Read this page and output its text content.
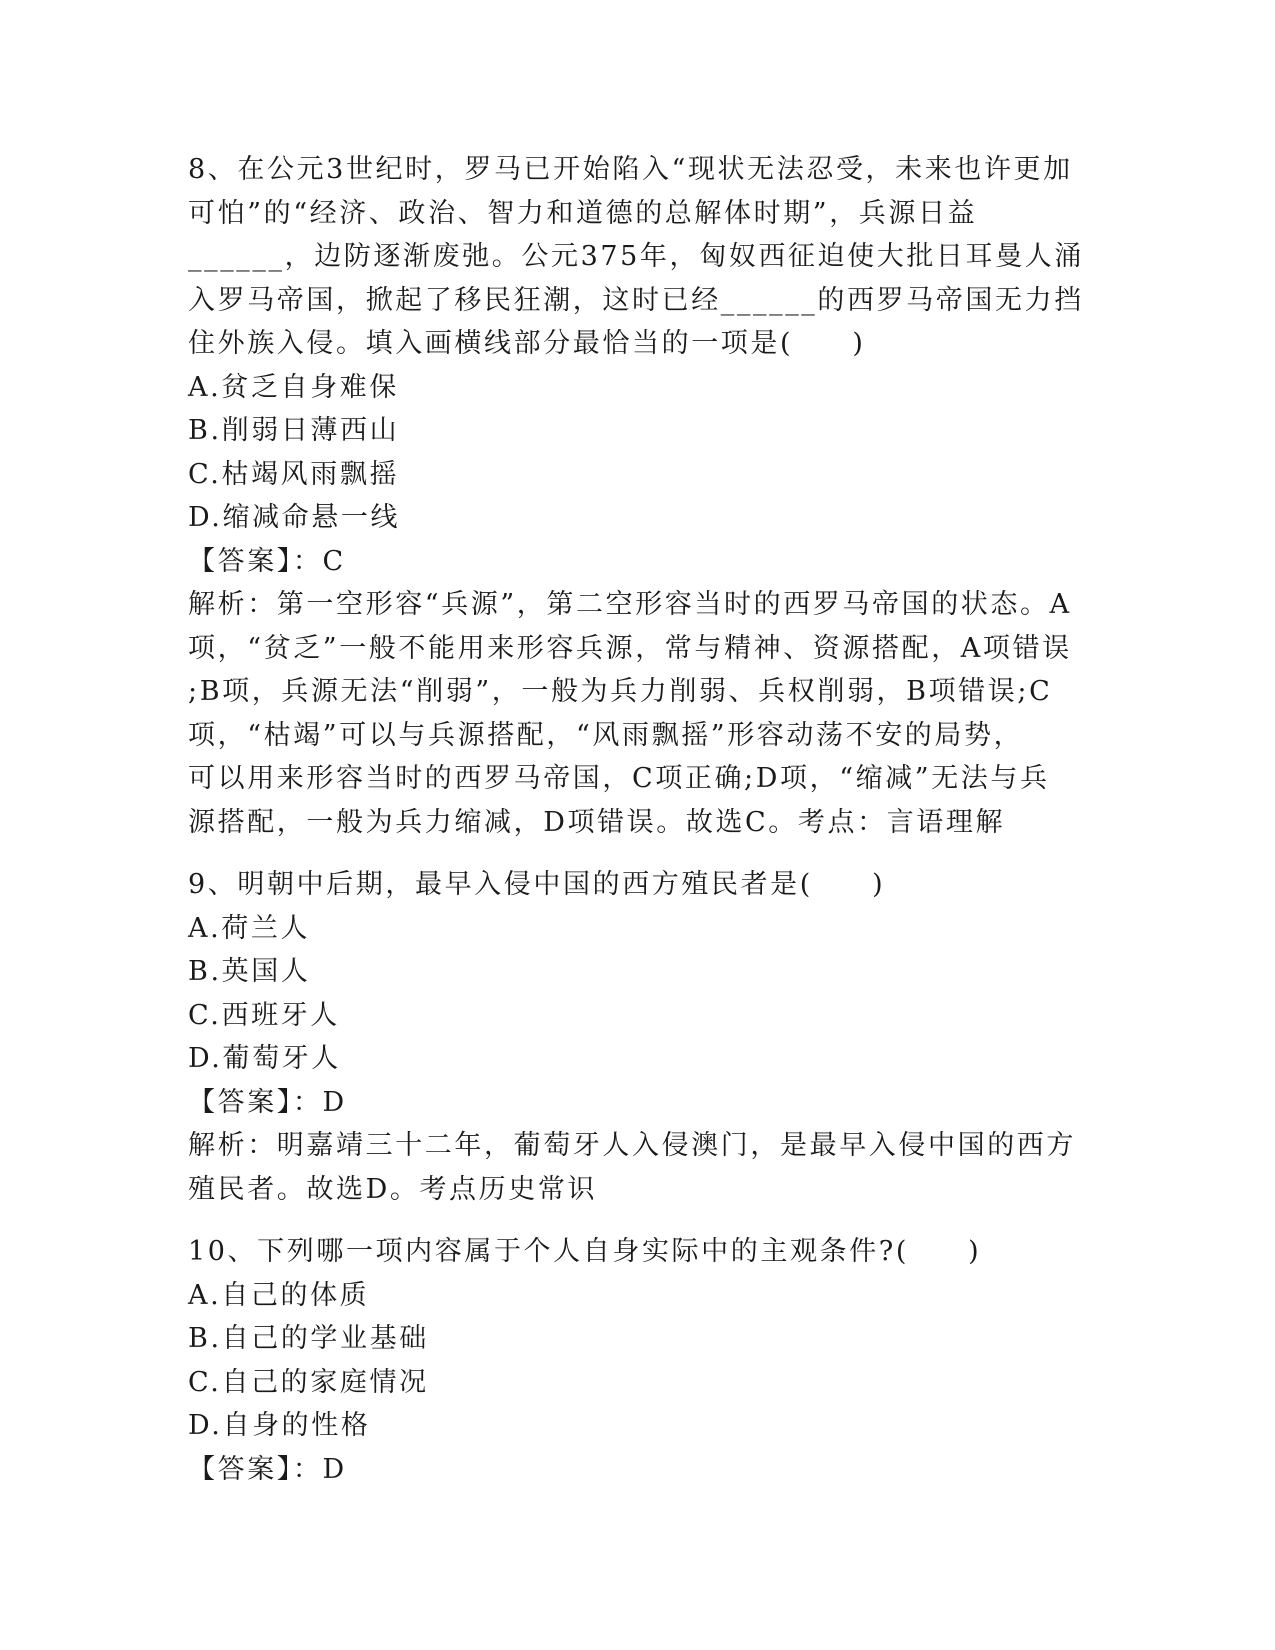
8、在公元3世纪时，罗马已开始陷入“现状无法忍受，未来也许更加
可怕”的“经济、政治、智力和道德的总解体时期”，兵源日益
______，边防逐渐废弛。公元375年，匈奴西征迫使大批日耳曼人涌
入罗马帝国，掀起了移民狂潮，这时已经______的西罗马帝国无力挡
住外族入侵。填入画横线部分最恰当的一项是(　　)
A.贫乏自身难保
B.削弱日薄西山
C.枯竭风雨飘摇
D.缩减命悬一线
【答案】：C
解析：第一空形容“兵源”，第二空形容当时的西罗马帝国的状态。A
项，“贫乏”一般不能用来形容兵源，常与精神、资源搭配，A项错误
;B项，兵源无法“削弱”，一般为兵力削弱、兵权削弱，B项错误;C
项，“枯竭”可以与兵源搭配，“风雨飘摇”形容动荡不安的局势，
可以用来形容当时的西罗马帝国，C项正确;D项，“缩减”无法与兵
源搭配，一般为兵力缩减，D项错误。故选C。考点：言语理解
9、明朝中后期，最早入侵中国的西方殖民者是(　　)
A.荷兰人
B.英国人
C.西班牙人
D.葡萄牙人
【答案】：D
解析：明嘉靖三十二年，葡萄牙人入侵澳门，是最早入侵中国的西方
殖民者。故选D。考点历史常识
10、下列哪一项内容属于个人自身实际中的主观条件?(　　)
A.自己的体质
B.自己的学业基础
C.自己的家庭情况
D.自身的性格
【答案】：D
